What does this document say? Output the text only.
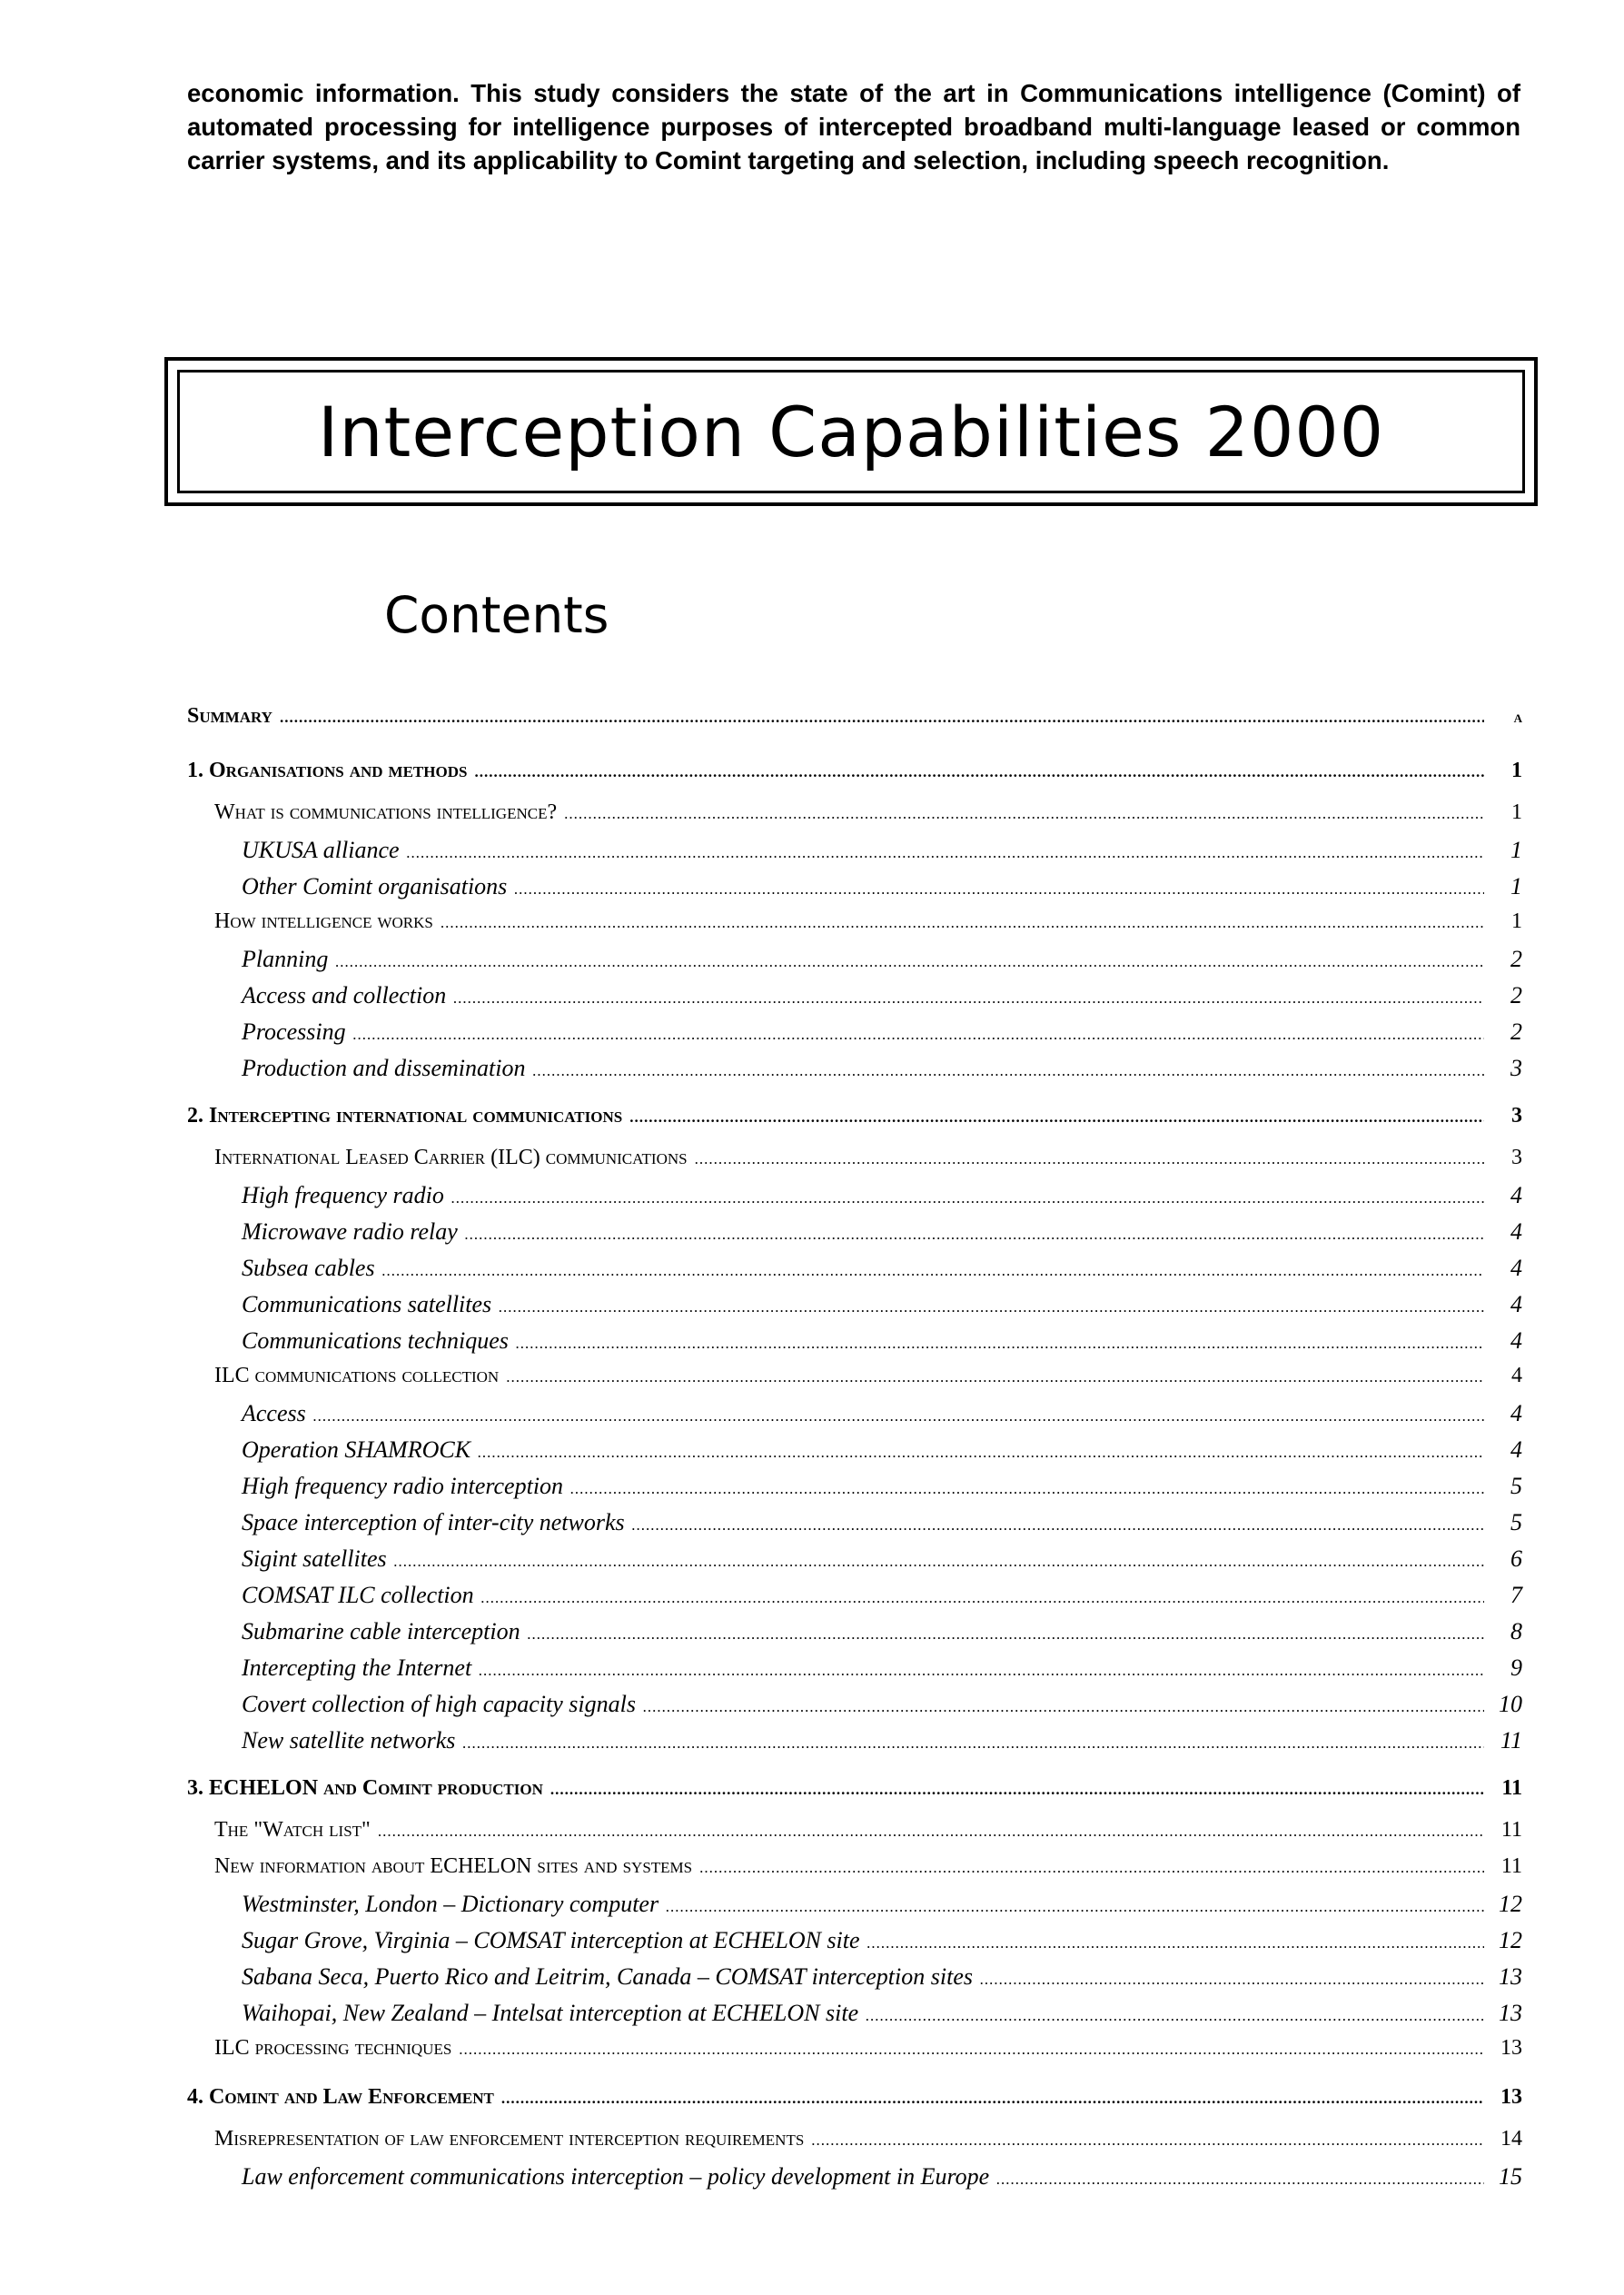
economic information. This study considers the state of the art in Communications intelligence (Comint) of automated processing for intelligence purposes of intercepted broadband multi-language leased or common carrier systems, and its applicability to Comint targeting and selection, including speech recognition.
Interception Capabilities 2000
Contents
Summary .....	a
1. Organisations and methods .....	1
What is communications intelligence? .....	1
UKUSA alliance .....	1
Other Comint organisations .....	1
How intelligence works .....	1
Planning .....	2
Access and collection .....	2
Processing .....	2
Production and dissemination .....	3
2. Intercepting international communications .....	3
International Leased Carrier (ILC) communications .....	3
High frequency radio .....	4
Microwave radio relay .....	4
Subsea cables .....	4
Communications satellites .....	4
Communications techniques .....	4
ILC communications collection .....	4
Access .....	4
Operation SHAMROCK .....	4
High frequency radio interception .....	5
Space interception of inter-city networks .....	5
Sigint satellites .....	6
COMSAT ILC collection .....	7
Submarine cable interception .....	8
Intercepting the Internet .....	9
Covert collection of high capacity signals .....	10
New satellite networks .....	11
3. ECHELON and Comint production .....	11
The "Watch list" .....	11
New information about ECHELON sites and systems .....	11
Westminster, London – Dictionary computer .....	12
Sugar Grove, Virginia – COMSAT interception at ECHELON site .....	12
Sabana Seca, Puerto Rico and Leitrim, Canada – COMSAT interception sites .....	13
Waihopai, New Zealand – Intelsat interception at ECHELON site .....	13
ILC processing techniques .....	13
4. Comint and Law Enforcement .....	13
Misrepresentation of law enforcement interception requirements .....	14
Law enforcement communications interception – policy development in Europe .....	15
